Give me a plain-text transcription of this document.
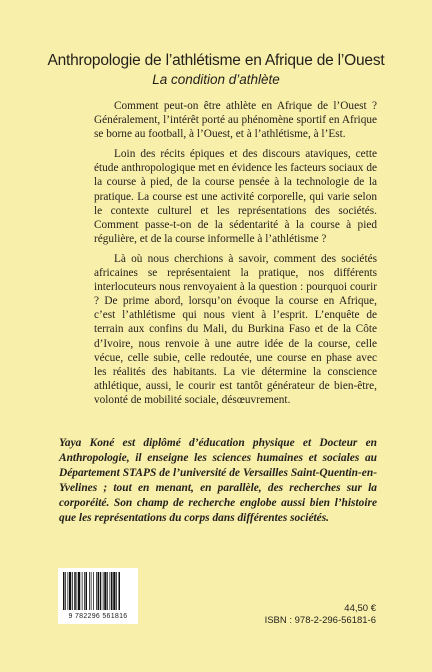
Anthropologie de l’athlétisme en Afrique de l’Ouest
La condition d’athlète

Comment peut-on être athlète en Afrique de l’Ouest ? Généralement, l’intérêt porté au phénomène sportif en Afrique se borne au football, à l’Ouest, et à l’athlétisme, à l’Est.

Loin des récits épiques et des discours ataviques, cette étude anthropologique met en évidence les facteurs sociaux de la course à pied, de la course pensée à la technologie de la pratique. La course est une activité corporelle, qui varie selon le contexte culturel et les représentations des sociétés. Comment passe-t-on de la sédentarité à la course à pied régulière, et de la course informelle à l’athlétisme ?

Là où nous cherchions à savoir, comment des sociétés africaines se représentaient la pratique, nos différents interlocuteurs nous renvoyaient à la question : pourquoi courir ? De prime abord, lorsqu’on évoque la course en Afrique, c’est l’athlétisme qui nous vient à l’esprit. L’enquête de terrain aux confins du Mali, du Burkina Faso et de la Côte d’Ivoire, nous renvoie à une autre idée de la course, celle vécue, celle subie, celle redoutée, une course en phase avec les réalités des habitants. La vie détermine la conscience athlétique, aussi, le courir est tantôt générateur de bien-être, volonté de mobilité sociale, désœuvrement.

Yaya Koné est diplômé d’éducation physique et Docteur en Anthropologie, il enseigne les sciences humaines et sociales au Département STAPS de l’université de Versailles Saint-Quentin-en-Yvelines ; tout en menant, en parallèle, des recherches sur la corporéité. Son champ de recherche englobe aussi bien l’histoire que les représentations du corps dans différentes sociétés.
9 782296 561816
44,50 €
ISBN : 978-2-296-56181-6
